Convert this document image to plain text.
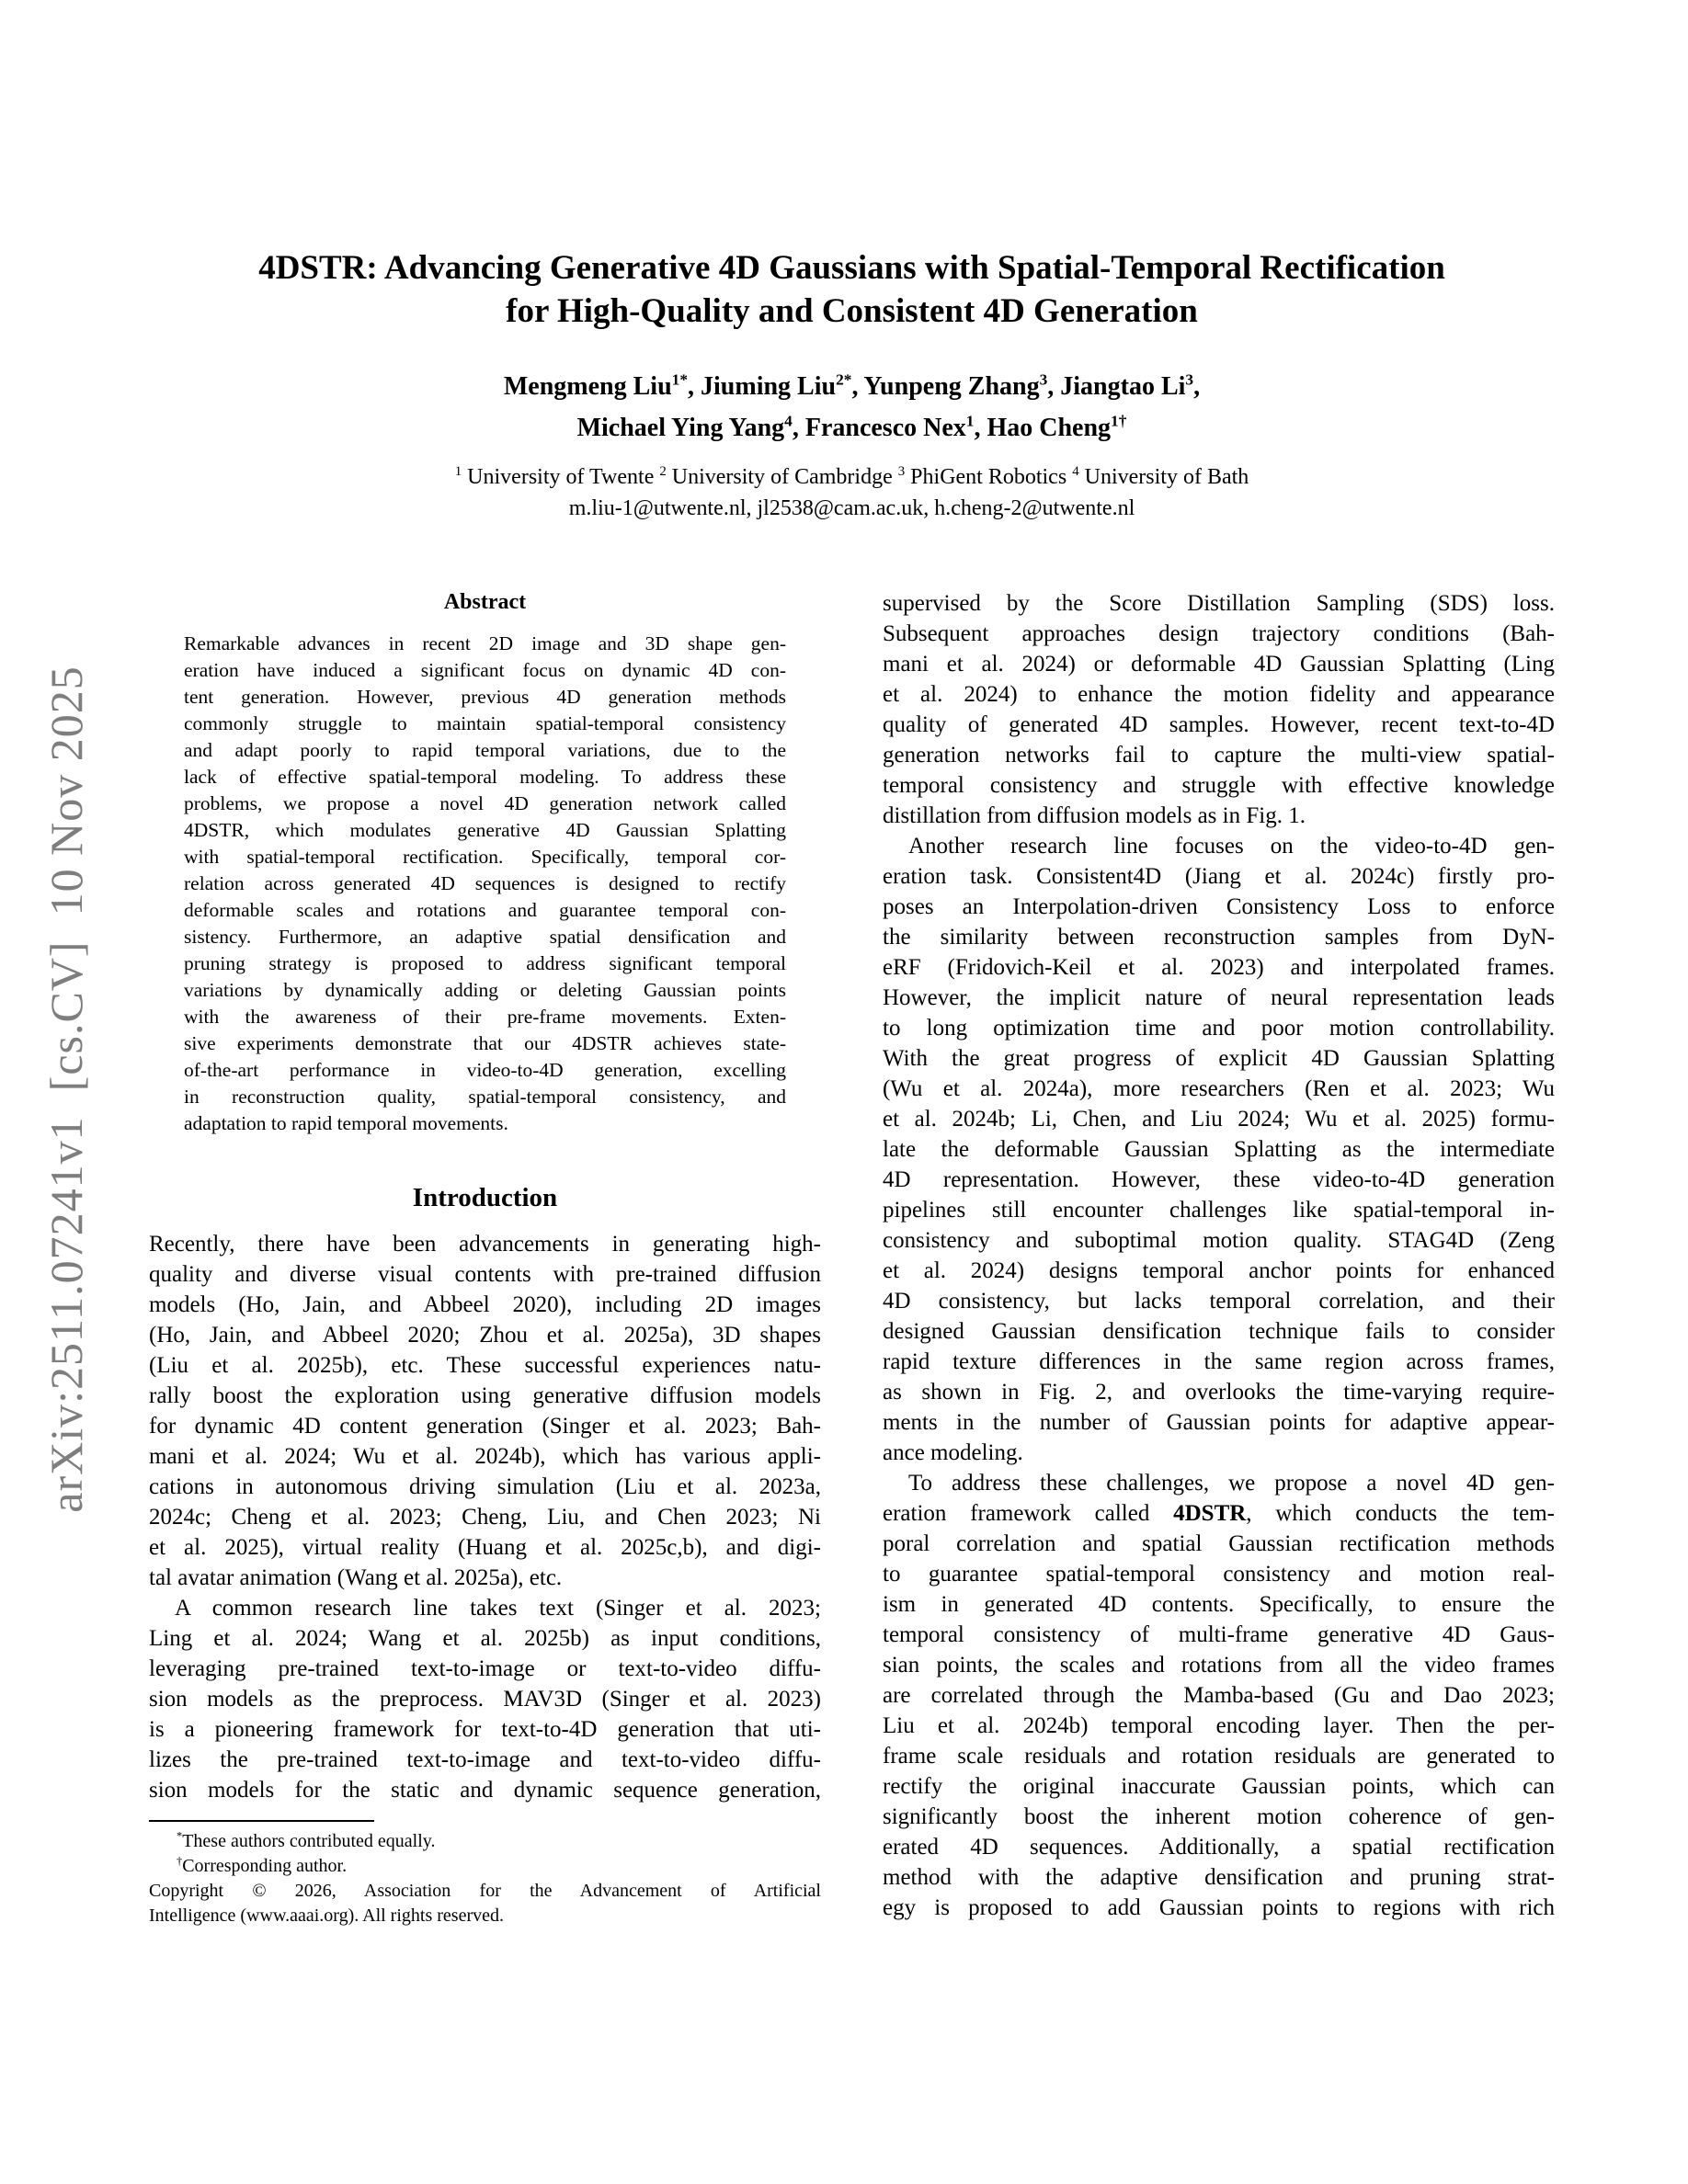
arXiv:2511.07241v1  [cs.CV]  10 Nov 2025
4DSTR: Advancing Generative 4D Gaussians with Spatial-Temporal Rectification
for High-Quality and Consistent 4D Generation
Mengmeng Liu$^{1*}$, Jiuming Liu$^{2*}$, Yunpeng Zhang$^3$, Jiangtao Li$^3$,
Michael Ying Yang$^4$, Francesco Nex$^1$, Hao Cheng$^{1\dagger}$
$^1$ University of Twente $^2$ University of Cambridge $^3$ PhiGent Robotics $^4$ University of Bath
m.liu-1@utwente.nl, jl2538@cam.ac.uk, h.cheng-2@utwente.nl
Abstract
Remarkable advances in recent 2D image and 3D shape gen-
eration have induced a significant focus on dynamic 4D con-
tent generation. However, previous 4D generation methods
commonly struggle to maintain spatial-temporal consistency
and adapt poorly to rapid temporal variations, due to the
lack of effective spatial-temporal modeling. To address these
problems, we propose a novel 4D generation network called
4DSTR, which modulates generative 4D Gaussian Splatting
with spatial-temporal rectification. Specifically, temporal cor-
relation across generated 4D sequences is designed to rectify
deformable scales and rotations and guarantee temporal con-
sistency. Furthermore, an adaptive spatial densification and
pruning strategy is proposed to address significant temporal
variations by dynamically adding or deleting Gaussian points
with the awareness of their pre-frame movements. Exten-
sive experiments demonstrate that our 4DSTR achieves state-
of-the-art performance in video-to-4D generation, excelling
in reconstruction quality, spatial-temporal consistency, and
adaptation to rapid temporal movements.
Introduction
Recently, there have been advancements in generating high-
quality and diverse visual contents with pre-trained diffusion
models (Ho, Jain, and Abbeel 2020), including 2D images
(Ho, Jain, and Abbeel 2020; Zhou et al. 2025a), 3D shapes
(Liu et al. 2025b), etc. These successful experiences natu-
rally boost the exploration using generative diffusion models
for dynamic 4D content generation (Singer et al. 2023; Bah-
mani et al. 2024; Wu et al. 2024b), which has various appli-
cations in autonomous driving simulation (Liu et al. 2023a,
2024c; Cheng et al. 2023; Cheng, Liu, and Chen 2023; Ni
et al. 2025), virtual reality (Huang et al. 2025c,b), and digi-
tal avatar animation (Wang et al. 2025a), etc.
A common research line takes text (Singer et al. 2023;
Ling et al. 2024; Wang et al. 2025b) as input conditions,
leveraging pre-trained text-to-image or text-to-video diffu-
sion models as the preprocess. MAV3D (Singer et al. 2023)
is a pioneering framework for text-to-4D generation that uti-
lizes the pre-trained text-to-image and text-to-video diffu-
sion models for the static and dynamic sequence generation,
*These authors contributed equally.
†Corresponding author.
Copyright © 2026, Association for the Advancement of Artificial
Intelligence (www.aaai.org). All rights reserved.
supervised by the Score Distillation Sampling (SDS) loss.
Subsequent approaches design trajectory conditions (Bah-
mani et al. 2024) or deformable 4D Gaussian Splatting (Ling
et al. 2024) to enhance the motion fidelity and appearance
quality of generated 4D samples. However, recent text-to-4D
generation networks fail to capture the multi-view spatial-
temporal consistency and struggle with effective knowledge
distillation from diffusion models as in Fig. 1.
Another research line focuses on the video-to-4D gen-
eration task. Consistent4D (Jiang et al. 2024c) firstly pro-
poses an Interpolation-driven Consistency Loss to enforce
the similarity between reconstruction samples from DyN-
eRF (Fridovich-Keil et al. 2023) and interpolated frames.
However, the implicit nature of neural representation leads
to long optimization time and poor motion controllability.
With the great progress of explicit 4D Gaussian Splatting
(Wu et al. 2024a), more researchers (Ren et al. 2023; Wu
et al. 2024b; Li, Chen, and Liu 2024; Wu et al. 2025) formu-
late the deformable Gaussian Splatting as the intermediate
4D representation. However, these video-to-4D generation
pipelines still encounter challenges like spatial-temporal in-
consistency and suboptimal motion quality. STAG4D (Zeng
et al. 2024) designs temporal anchor points for enhanced
4D consistency, but lacks temporal correlation, and their
designed Gaussian densification technique fails to consider
rapid texture differences in the same region across frames,
as shown in Fig. 2, and overlooks the time-varying require-
ments in the number of Gaussian points for adaptive appear-
ance modeling.
To address these challenges, we propose a novel 4D gen-
eration framework called 4DSTR, which conducts the tem-
poral correlation and spatial Gaussian rectification methods
to guarantee spatial-temporal consistency and motion real-
ism in generated 4D contents. Specifically, to ensure the
temporal consistency of multi-frame generative 4D Gaus-
sian points, the scales and rotations from all the video frames
are correlated through the Mamba-based (Gu and Dao 2023;
Liu et al. 2024b) temporal encoding layer. Then the per-
frame scale residuals and rotation residuals are generated to
rectify the original inaccurate Gaussian points, which can
significantly boost the inherent motion coherence of gen-
erated 4D sequences. Additionally, a spatial rectification
method with the adaptive densification and pruning strat-
egy is proposed to add Gaussian points to regions with rich
